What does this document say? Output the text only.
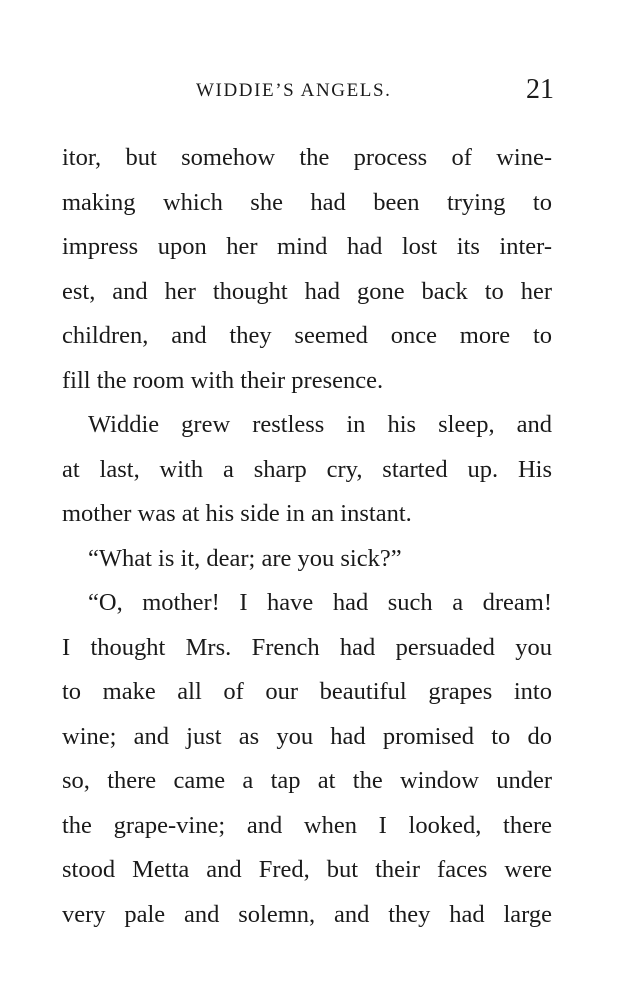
WIDDIE’S ANGELS.	21
itor, but somehow the process of wine-
making which she had been trying to
impress upon her mind had lost its inter-
est, and her thought had gone back to her
children, and they seemed once more to
fill the room with their presence.
Widdie grew restless in his sleep, and
at last, with a sharp cry, started up. His
mother was at his side in an instant.
“What is it, dear; are you sick?”
“O, mother! I have had such a dream!
I thought Mrs. French had persuaded you
to make all of our beautiful grapes into
wine; and just as you had promised to do
so, there came a tap at the window under
the grape-vine; and when I looked, there
stood Metta and Fred, but their faces were
very pale and solemn, and they had large
